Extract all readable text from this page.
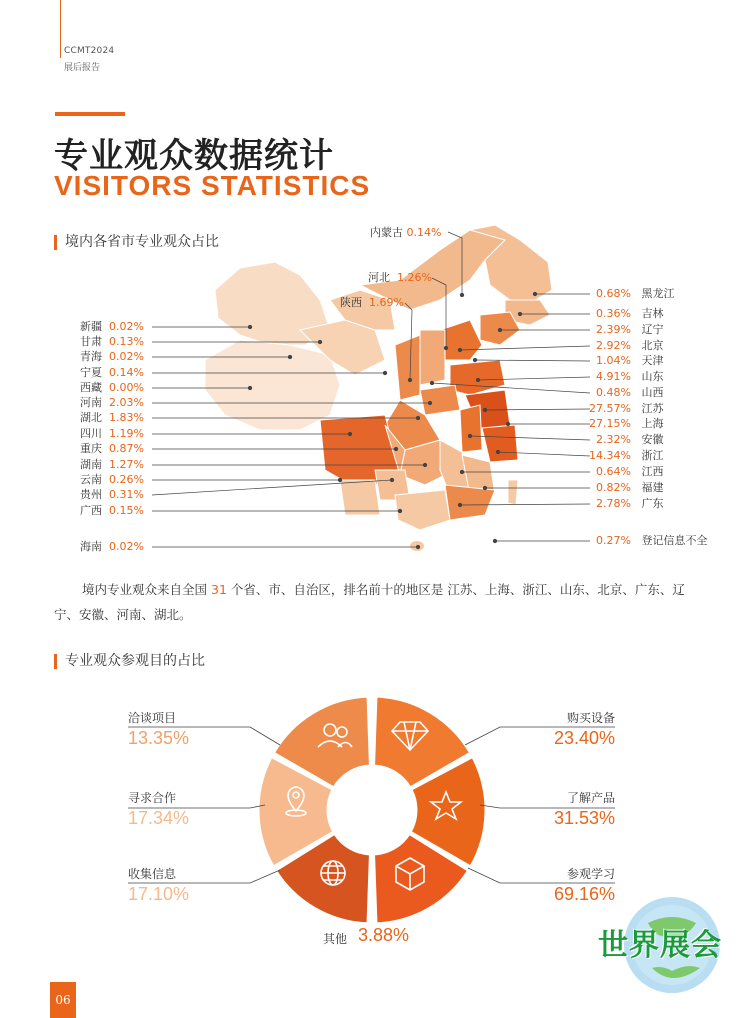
CCMT2024
展后报告
专业观众数据统计
VISITORS STATISTICS
境内各省市专业观众占比
新疆 0.02%
甘肃 0.13%
青海 0.02%
宁夏 0.14%
西藏 0.00%
河南 2.03%
湖北 1.83%
四川 1.19%
重庆 0.87%
湖南 1.27%
云南 0.26%
贵州 0.31%
广西 0.15%
海南 0.02%
内蒙古 0.14%
河北 1.26%
陕西 1.69%
0.68% 黑龙江
0.36% 吉林
2.39% 辽宁
2.92% 北京
1.04% 天津
4.91% 山东
0.48% 山西
27.57% 江苏
27.15% 上海
2.32% 安徽
14.34% 浙江
0.64% 江西
0.82% 福建
2.78% 广东
0.27% 登记信息不全
境内专业观众来自全国 31 个省、市、自治区，排名前十的地区是 江苏、上海、浙江、山东、北京、广东、辽宁、安徽、河南、湖北。
专业观众参观目的占比
洽谈项目
13.35%
寻求合作
17.34%
收集信息
17.10%
购买设备
23.40%
了解产品
31.53%
参观学习
69.16%
其他 3.88%
06
世界展会
